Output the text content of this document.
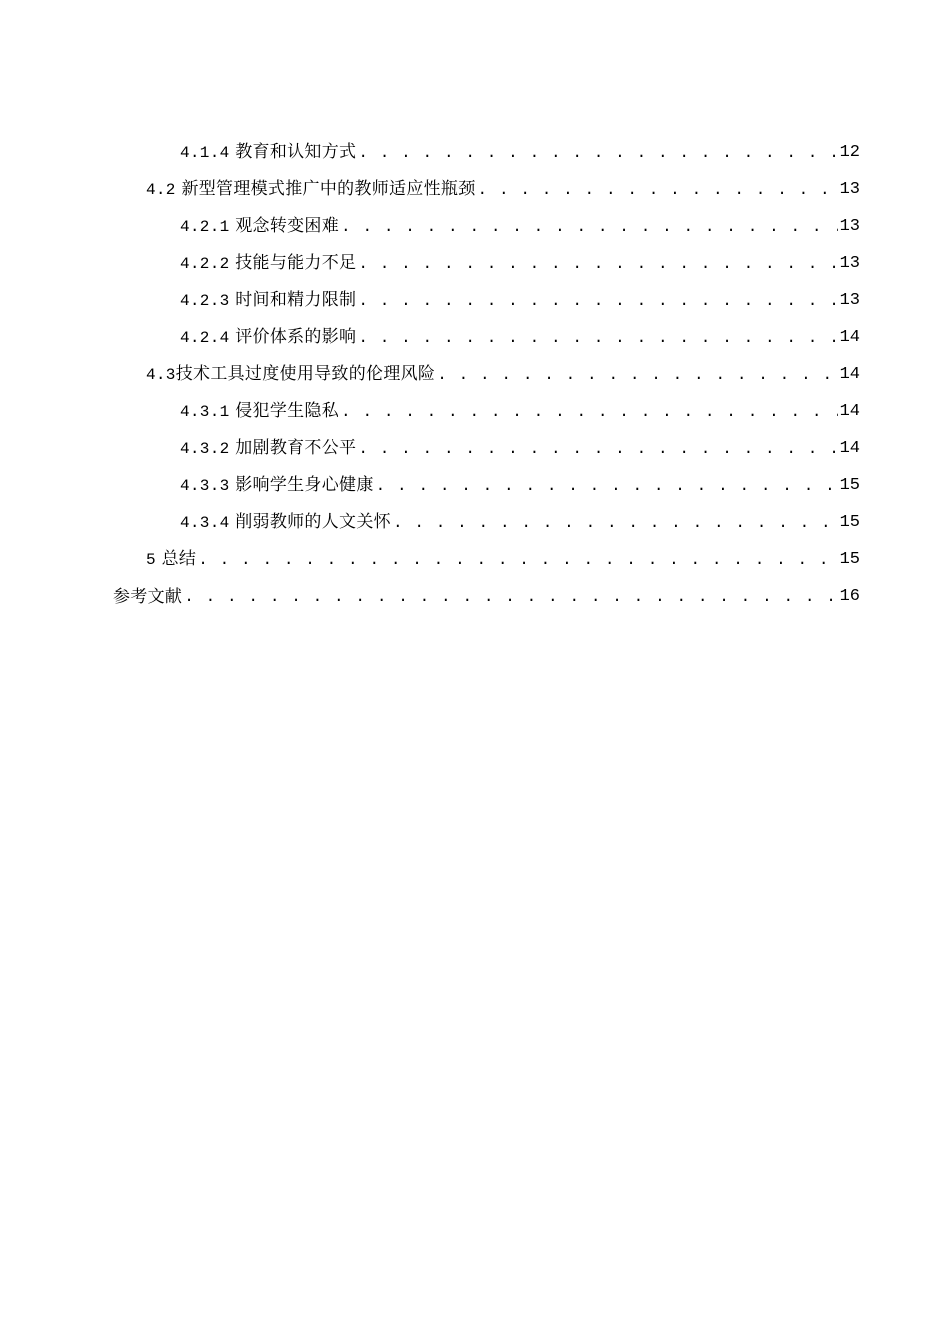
4.1.4 教育和认知方式 . . .	12
4.2 新型管理模式推广中的教师适应性瓶颈 . . .	13
4.2.1 观念转变困难 . . .	13
4.2.2 技能与能力不足 . . .	13
4.2.3 时间和精力限制 . . .	13
4.2.4 评价体系的影响 . . .	14
4.3技术工具过度使用导致的伦理风险 . . .	14
4.3.1 侵犯学生隐私 . . .	14
4.3.2 加剧教育不公平 . . .	14
4.3.3 影响学生身心健康 . . .	15
4.3.4 削弱教师的人文关怀 . . .	15
5 总结 . . .	15
参考文献 . . .	16
